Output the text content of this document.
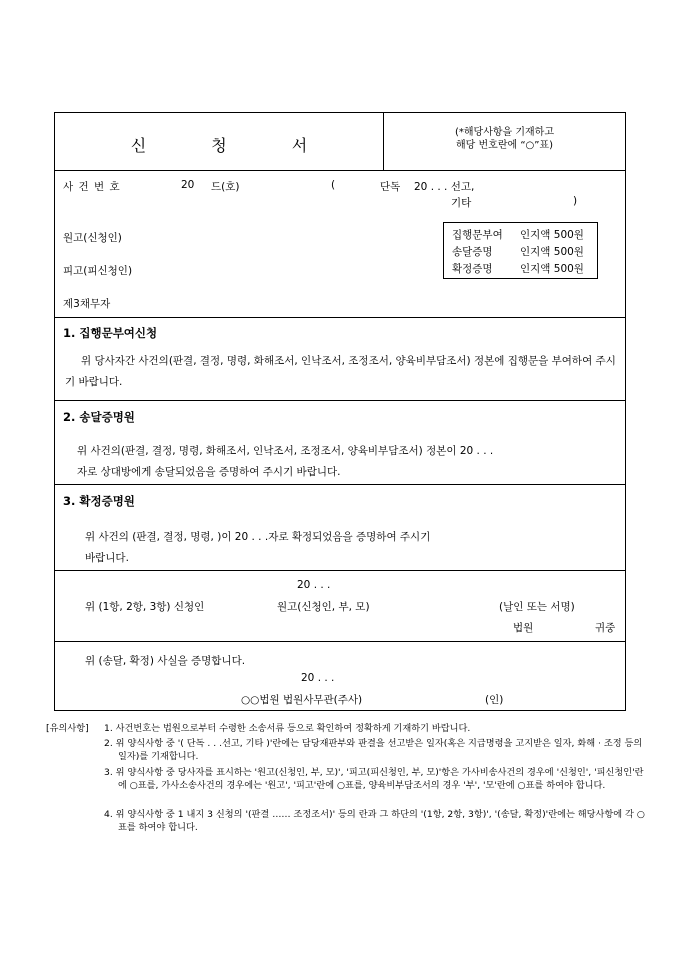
신 청 서
(*해당사항을 기재하고
해당 번호란에 “○”표)
사 건 번 호	20 드(호)	(	단독 20 . . . 선고,
기타	)
원고(신청인)
피고(피신청인)
제3채무자
집행문부여 인지액 500원
송달증명	인지액 500원
확정증명	인지액 500원
1. 집행문부여신청
위 당사자간 사건의(판결, 결정, 명령, 화해조서, 인낙조서, 조정조서, 양육비부담조서) 정본에 집행문을 부여하여 주시기 바랍니다.
2. 송달증명원
위 사건의(판결, 결정, 명령, 화해조서, 인낙조서, 조정조서, 양육비부담조서) 정본이 20 . . .
자로 상대방에게 송달되었음을 증명하여 주시기 바랍니다.
3. 확정증명원
위 사건의 (판결, 결정, 명령, )이 20 . . .자로 확정되었음을 증명하여 주시기
바랍니다.
20 . . .
위 (1항, 2항, 3항) 신청인	원고(신청인, 부, 모)	(날인 또는 서명)
법원	귀중
위 (송달, 확정) 사실을 증명합니다.
20 . . .
○○법원 법원사무관(주사)	(인)
[유의사항] 1. 사건번호는 법원으로부터 수령한 소송서류 등으로 확인하여 정확하게 기재하기 바랍니다.
2. 위 양식사항 중 '( 단독 . . .선고, 기타 )'란에는 담당재판부와 판결을 선고받은 일자(혹은 지급명령을 고지받은 일자, 화해 · 조정 등의 일자)를 기재합니다.
3. 위 양식사항 중 당사자를 표시하는 '원고(신청인, 부, 모)', '피고(피신청인, 부, 모)'항은 가사비송사건의 경우에 '신청인', '피신청인'란에 ○표를, 가사소송사건의 경우에는 '원고', '피고'란에 ○표를, 양육비부담조서의 경우 '부', '모'란에 ○표를 하여야 합니다.
4. 위 양식사항 중 1 내지 3 신청의 '(판결 …… 조정조서)' 등의 란과 그 하단의 '(1항, 2항, 3항)', '(송달, 확정)'란에는 해당사항에 각 ○표를 하여야 합니다.
